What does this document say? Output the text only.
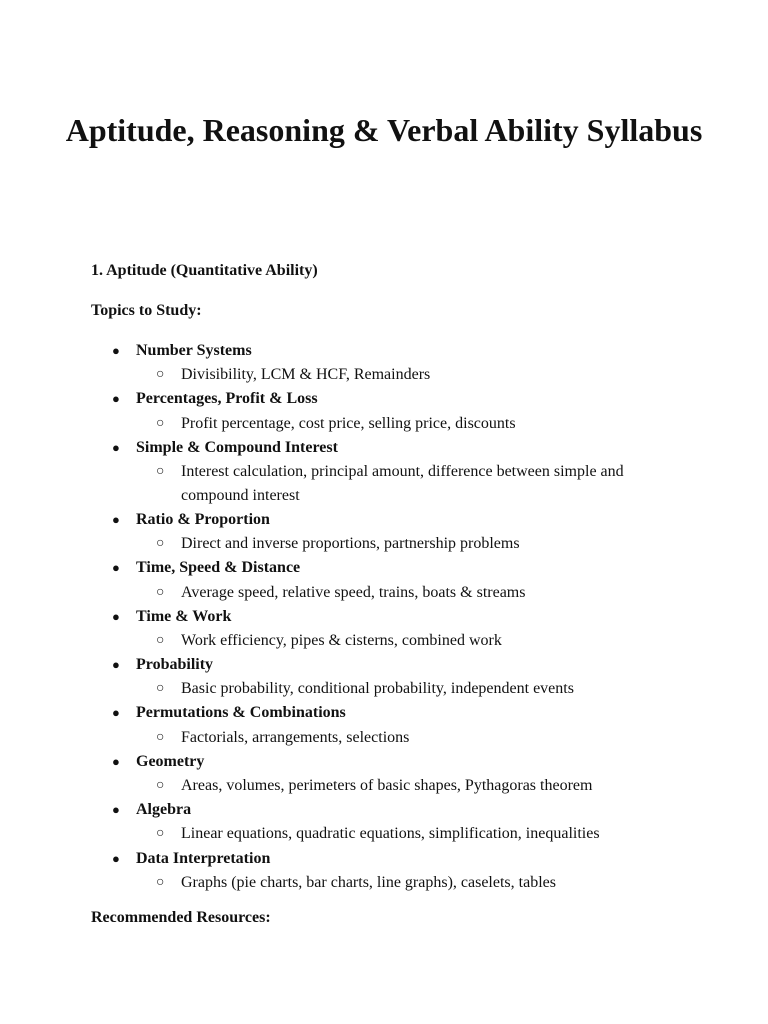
Aptitude, Reasoning & Verbal Ability Syllabus

1. Aptitude (Quantitative Ability)

Topics to Study:

● Number Systems
○ Divisibility, LCM & HCF, Remainders
● Percentages, Profit & Loss
○ Profit percentage, cost price, selling price, discounts
● Simple & Compound Interest
○ Interest calculation, principal amount, difference between simple and compound interest
● Ratio & Proportion
○ Direct and inverse proportions, partnership problems
● Time, Speed & Distance
○ Average speed, relative speed, trains, boats & streams
● Time & Work
○ Work efficiency, pipes & cisterns, combined work
● Probability
○ Basic probability, conditional probability, independent events
● Permutations & Combinations
○ Factorials, arrangements, selections
● Geometry
○ Areas, volumes, perimeters of basic shapes, Pythagoras theorem
● Algebra
○ Linear equations, quadratic equations, simplification, inequalities
● Data Interpretation
○ Graphs (pie charts, bar charts, line graphs), caselets, tables

Recommended Resources:
